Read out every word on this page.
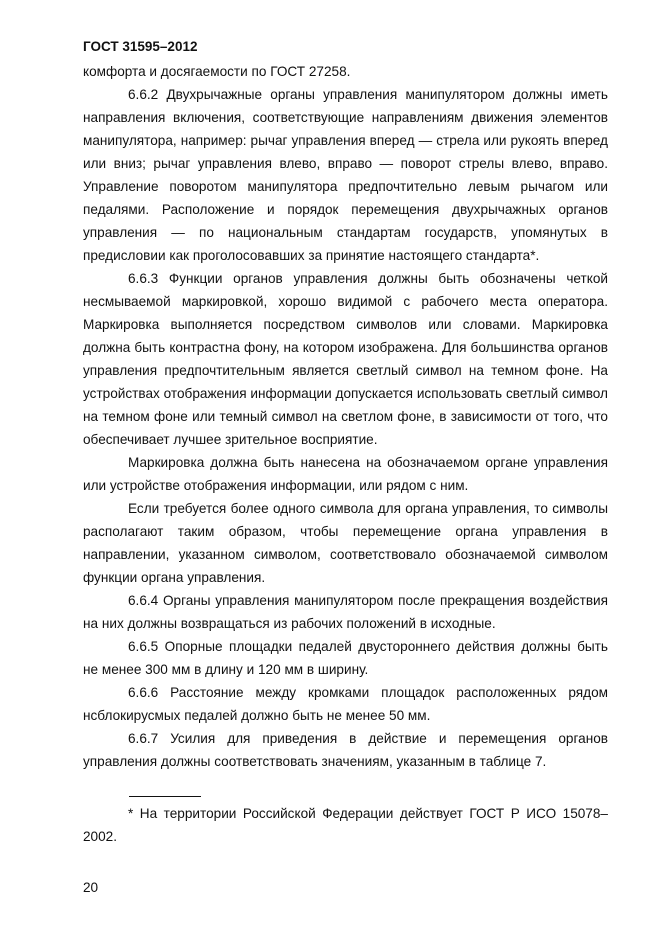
ГОСТ 31595–2012

комфорта и досягаемости по ГОСТ 27258.

6.6.2 Двухрычажные органы управления манипулятором должны иметь направления включения, соответствующие направлениям движения элементов манипулятора, например: рычаг управления вперед — стрела или рукоять вперед или вниз; рычаг управления влево, вправо — поворот стрелы влево, вправо. Управление поворотом манипулятора предпочтительно левым рычагом или педалями. Расположение и порядок перемещения двухрычажных органов управления — по национальным стандартам государств, упомянутых в предисловии как проголосовавших за принятие настоящего стандарта*.

6.6.3 Функции органов управления должны быть обозначены четкой несмываемой маркировкой, хорошо видимой с рабочего места оператора. Маркировка выполняется посредством символов или словами. Маркировка должна быть контрастна фону, на котором изображена. Для большинства органов управления предпочтительным является светлый символ на темном фоне. На устройствах отображения информации допускается использовать светлый символ на темном фоне или темный символ на светлом фоне, в зависимости от того, что обеспечивает лучшее зрительное восприятие.

Маркировка должна быть нанесена на обозначаемом органе управления или устройстве отображения информации, или рядом с ним.

Если требуется более одного символа для органа управления, то символы располагают таким образом, чтобы перемещение органа управления в направлении, указанном символом, соответствовало обозначаемой символом функции органа управления.

6.6.4 Органы управления манипулятором после прекращения воздействия на них должны возвращаться из рабочих положений в исходные.

6.6.5 Опорные площадки педалей двустороннего действия должны быть не менее 300 мм в длину и 120 мм в ширину.

6.6.6 Расстояние между кромками площадок расположенных рядом нсблокирусмых педалей должно быть не менее 50 мм.

6.6.7 Усилия для приведения в действие и перемещения органов управления должны соответствовать значениям, указанным в таблице 7.

* На территории Российской Федерации действует ГОСТ Р ИСО 15078–2002.
20
